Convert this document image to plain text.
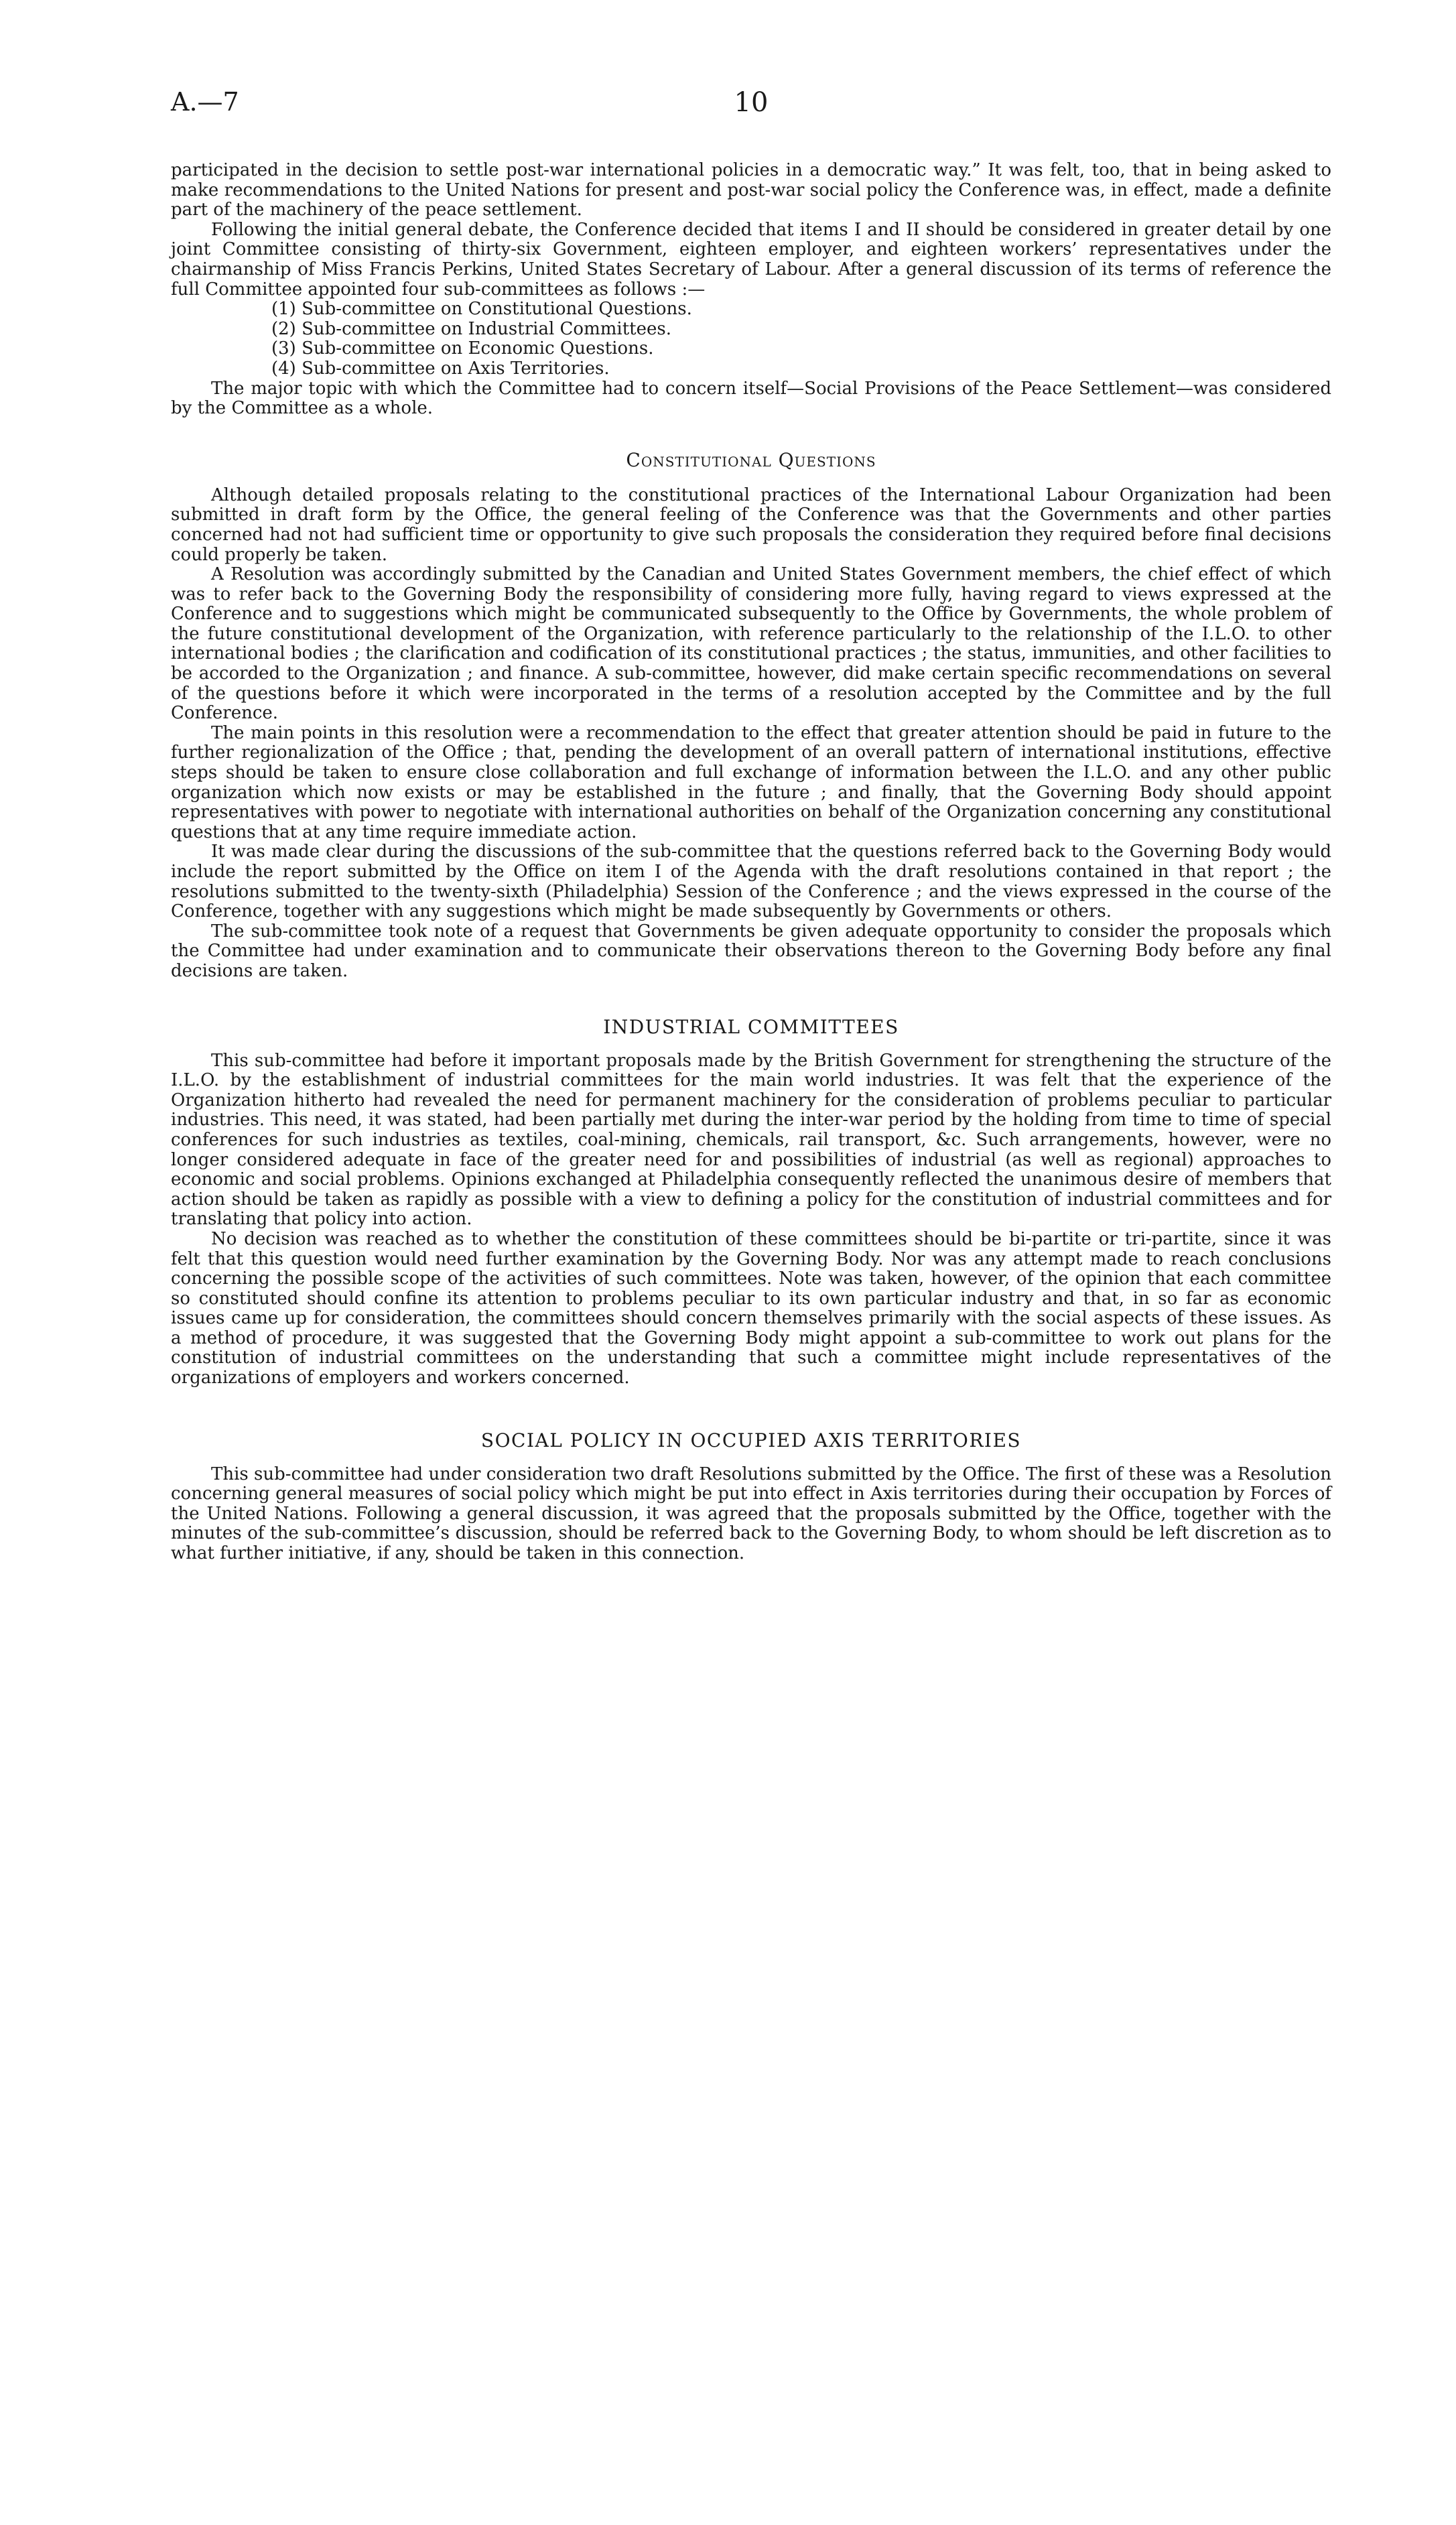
A.—7	10

participated in the decision to settle post-war international policies in a democratic way.” It was felt, too, that in being asked to make recommendations to the United Nations for present and post-war social policy the Conference was, in effect, made a definite part of the machinery of the peace settlement.

Following the initial general debate, the Conference decided that items I and II should be considered in greater detail by one joint Committee consisting of thirty-six Government, eighteen employer, and eighteen workers’ representatives under the chairmanship of Miss Francis Perkins, United States Secretary of Labour. After a general discussion of its terms of reference the full Committee appointed four sub-committees as follows :—

(1) Sub-committee on Constitutional Questions.
(2) Sub-committee on Industrial Committees.
(3) Sub-committee on Economic Questions.
(4) Sub-committee on Axis Territories.

The major topic with which the Committee had to concern itself—Social Provisions of the Peace Settlement—was considered by the Committee as a whole.

Constitutional Questions

Although detailed proposals relating to the constitutional practices of the International Labour Organization had been submitted in draft form by the Office, the general feeling of the Conference was that the Governments and other parties concerned had not had sufficient time or opportunity to give such proposals the consideration they required before final decisions could properly be taken.

A Resolution was accordingly submitted by the Canadian and United States Government members, the chief effect of which was to refer back to the Governing Body the responsibility of considering more fully, having regard to views expressed at the Conference and to suggestions which might be communicated subsequently to the Office by Governments, the whole problem of the future constitutional development of the Organization, with reference particularly to the relationship of the I.L.O. to other international bodies ; the clarification and codification of its constitutional practices ; the status, immunities, and other facilities to be accorded to the Organization ; and finance. A sub-committee, however, did make certain specific recommendations on several of the questions before it which were incorporated in the terms of a resolution accepted by the Committee and by the full Conference.

The main points in this resolution were a recommendation to the effect that greater attention should be paid in future to the further regionalization of the Office ; that, pending the development of an overall pattern of international institutions, effective steps should be taken to ensure close collaboration and full exchange of information between the I.L.O. and any other public organization which now exists or may be established in the future ; and finally, that the Governing Body should appoint representatives with power to negotiate with international authorities on behalf of the Organization concerning any constitutional questions that at any time require immediate action.

It was made clear during the discussions of the sub-committee that the questions referred back to the Governing Body would include the report submitted by the Office on item I of the Agenda with the draft resolutions contained in that report ; the resolutions submitted to the twenty-sixth (Philadelphia) Session of the Conference ; and the views expressed in the course of the Conference, together with any suggestions which might be made subsequently by Governments or others.

The sub-committee took note of a request that Governments be given adequate opportunity to consider the proposals which the Committee had under examination and to communicate their observations thereon to the Governing Body before any final decisions are taken.

INDUSTRIAL COMMITTEES

This sub-committee had before it important proposals made by the British Government for strengthening the structure of the I.L.O. by the establishment of industrial committees for the main world industries. It was felt that the experience of the Organization hitherto had revealed the need for permanent machinery for the consideration of problems peculiar to particular industries. This need, it was stated, had been partially met during the inter-war period by the holding from time to time of special conferences for such industries as textiles, coal-mining, chemicals, rail transport, &c. Such arrangements, however, were no longer considered adequate in face of the greater need for and possibilities of industrial (as well as regional) approaches to economic and social problems. Opinions exchanged at Philadelphia consequently reflected the unanimous desire of members that action should be taken as rapidly as possible with a view to defining a policy for the constitution of industrial committees and for translating that policy into action.

No decision was reached as to whether the constitution of these committees should be bi-partite or tri-partite, since it was felt that this question would need further examination by the Governing Body. Nor was any attempt made to reach conclusions concerning the possible scope of the activities of such committees. Note was taken, however, of the opinion that each committee so constituted should confine its attention to problems peculiar to its own particular industry and that, in so far as economic issues came up for consideration, the committees should concern themselves primarily with the social aspects of these issues. As a method of procedure, it was suggested that the Governing Body might appoint a sub-committee to work out plans for the constitution of industrial committees on the understanding that such a committee might include representatives of the organizations of employers and workers concerned.

SOCIAL POLICY IN OCCUPIED AXIS TERRITORIES

This sub-committee had under consideration two draft Resolutions submitted by the Office. The first of these was a Resolution concerning general measures of social policy which might be put into effect in Axis territories during their occupation by Forces of the United Nations. Following a general discussion, it was agreed that the proposals submitted by the Office, together with the minutes of the sub-committee’s discussion, should be referred back to the Governing Body, to whom should be left discretion as to what further initiative, if any, should be taken in this connection.
